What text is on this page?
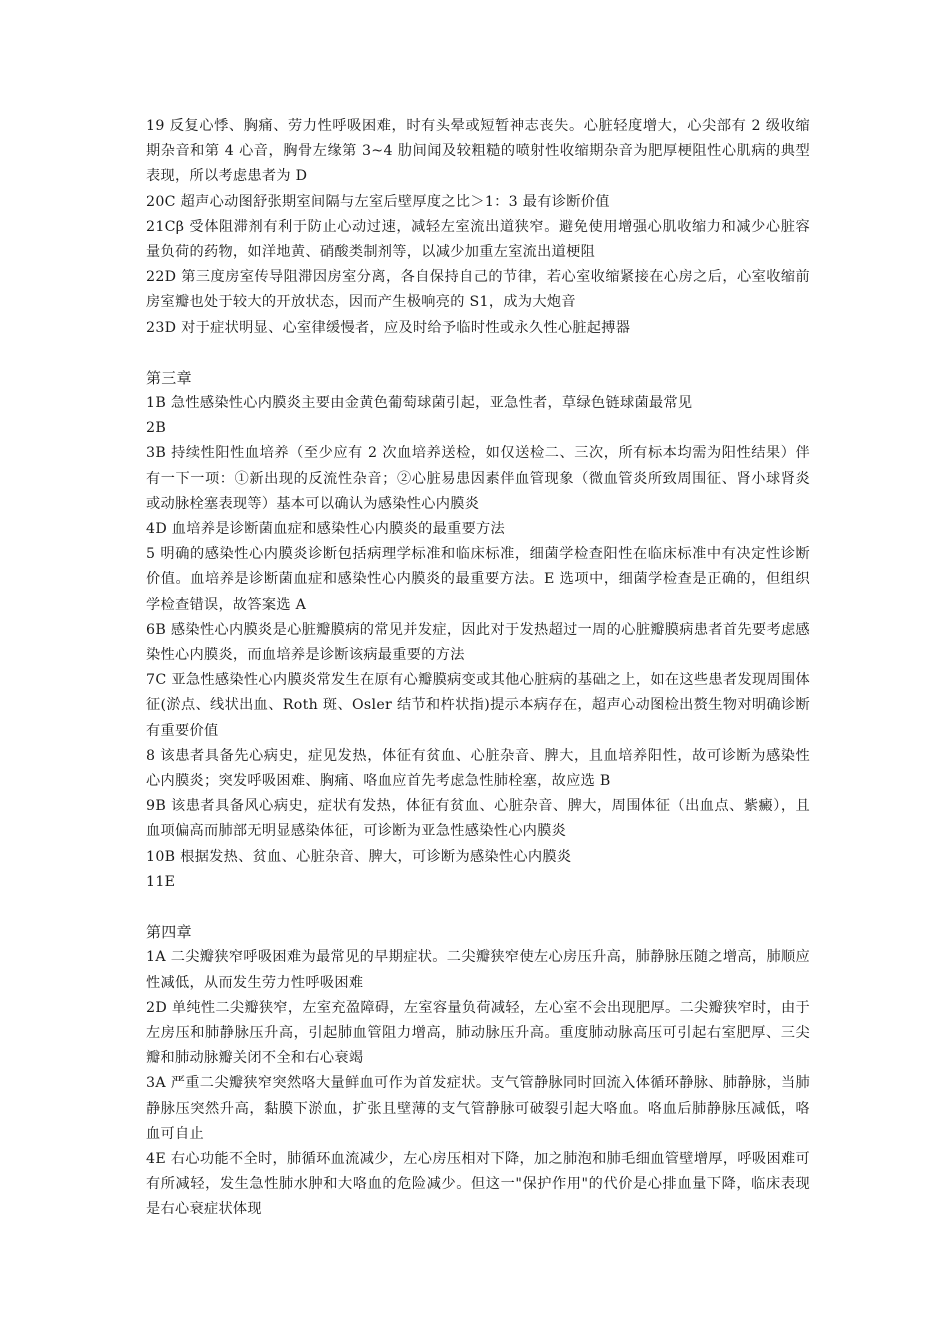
19 反复心悸、胸痛、劳力性呼吸困难，时有头晕或短暂神志丧失。心脏轻度增大，心尖部有 2 级收缩期杂音和第 4 心音，胸骨左缘第 3~4 肋间闻及较粗糙的喷射性收缩期杂音为肥厚梗阻性心肌病的典型表现，所以考虑患者为 D

20C 超声心动图舒张期室间隔与左室后壁厚度之比＞1：3 最有诊断价值

21Cβ 受体阻滞剂有利于防止心动过速，减轻左室流出道狭窄。避免使用增强心肌收缩力和减少心脏容量负荷的药物，如洋地黄、硝酸类制剂等，以减少加重左室流出道梗阻

22D 第三度房室传导阻滞因房室分离，各自保持自己的节律，若心室收缩紧接在心房之后，心室收缩前房室瓣也处于较大的开放状态，因而产生极响亮的 S1，成为大炮音

23D 对于症状明显、心室律缓慢者，应及时给予临时性或永久性心脏起搏器

第三章

1B 急性感染性心内膜炎主要由金黄色葡萄球菌引起，亚急性者，草绿色链球菌最常见

2B

3B 持续性阳性血培养（至少应有 2 次血培养送检，如仅送检二、三次，所有标本均需为阳性结果）伴有一下一项：①新出现的反流性杂音；②心脏易患因素伴血管现象（微血管炎所致周围征、肾小球肾炎或动脉栓塞表现等）基本可以确认为感染性心内膜炎

4D 血培养是诊断菌血症和感染性心内膜炎的最重要方法

5 明确的感染性心内膜炎诊断包括病理学标准和临床标准，细菌学检查阳性在临床标准中有决定性诊断价值。血培养是诊断菌血症和感染性心内膜炎的最重要方法。E 选项中，细菌学检查是正确的，但组织学检查错误，故答案选 A

6B 感染性心内膜炎是心脏瓣膜病的常见并发症，因此对于发热超过一周的心脏瓣膜病患者首先要考虑感染性心内膜炎，而血培养是诊断该病最重要的方法

7C 亚急性感染性心内膜炎常发生在原有心瓣膜病变或其他心脏病的基础之上，如在这些患者发现周围体征(淤点、线状出血、Roth 斑、Osler 结节和杵状指)提示本病存在，超声心动图检出赘生物对明确诊断有重要价值

8 该患者具备先心病史，症见发热，体征有贫血、心脏杂音、脾大，且血培养阳性，故可诊断为感染性心内膜炎；突发呼吸困难、胸痛、咯血应首先考虑急性肺栓塞，故应选 B

9B 该患者具备风心病史，症状有发热，体征有贫血、心脏杂音、脾大，周围体征（出血点、紫癜），且血项偏高而肺部无明显感染体征，可诊断为亚急性感染性心内膜炎

10B 根据发热、贫血、心脏杂音、脾大，可诊断为感染性心内膜炎

11E

第四章

1A 二尖瓣狭窄呼吸困难为最常见的早期症状。二尖瓣狭窄使左心房压升高，肺静脉压随之增高，肺顺应性减低，从而发生劳力性呼吸困难

2D 单纯性二尖瓣狭窄，左室充盈障碍，左室容量负荷减轻，左心室不会出现肥厚。二尖瓣狭窄时，由于左房压和肺静脉压升高，引起肺血管阻力增高，肺动脉压升高。重度肺动脉高压可引起右室肥厚、三尖瓣和肺动脉瓣关闭不全和右心衰竭

3A 严重二尖瓣狭窄突然咯大量鲜血可作为首发症状。支气管静脉同时回流入体循环静脉、肺静脉，当肺静脉压突然升高，黏膜下淤血，扩张且壁薄的支气管静脉可破裂引起大咯血。咯血后肺静脉压减低，咯血可自止

4E 右心功能不全时，肺循环血流减少，左心房压相对下降，加之肺泡和肺毛细血管壁增厚，呼吸困难可有所减轻，发生急性肺水肿和大咯血的危险减少。但这一"保护作用"的代价是心排血量下降，临床表现是右心衰症状体现
